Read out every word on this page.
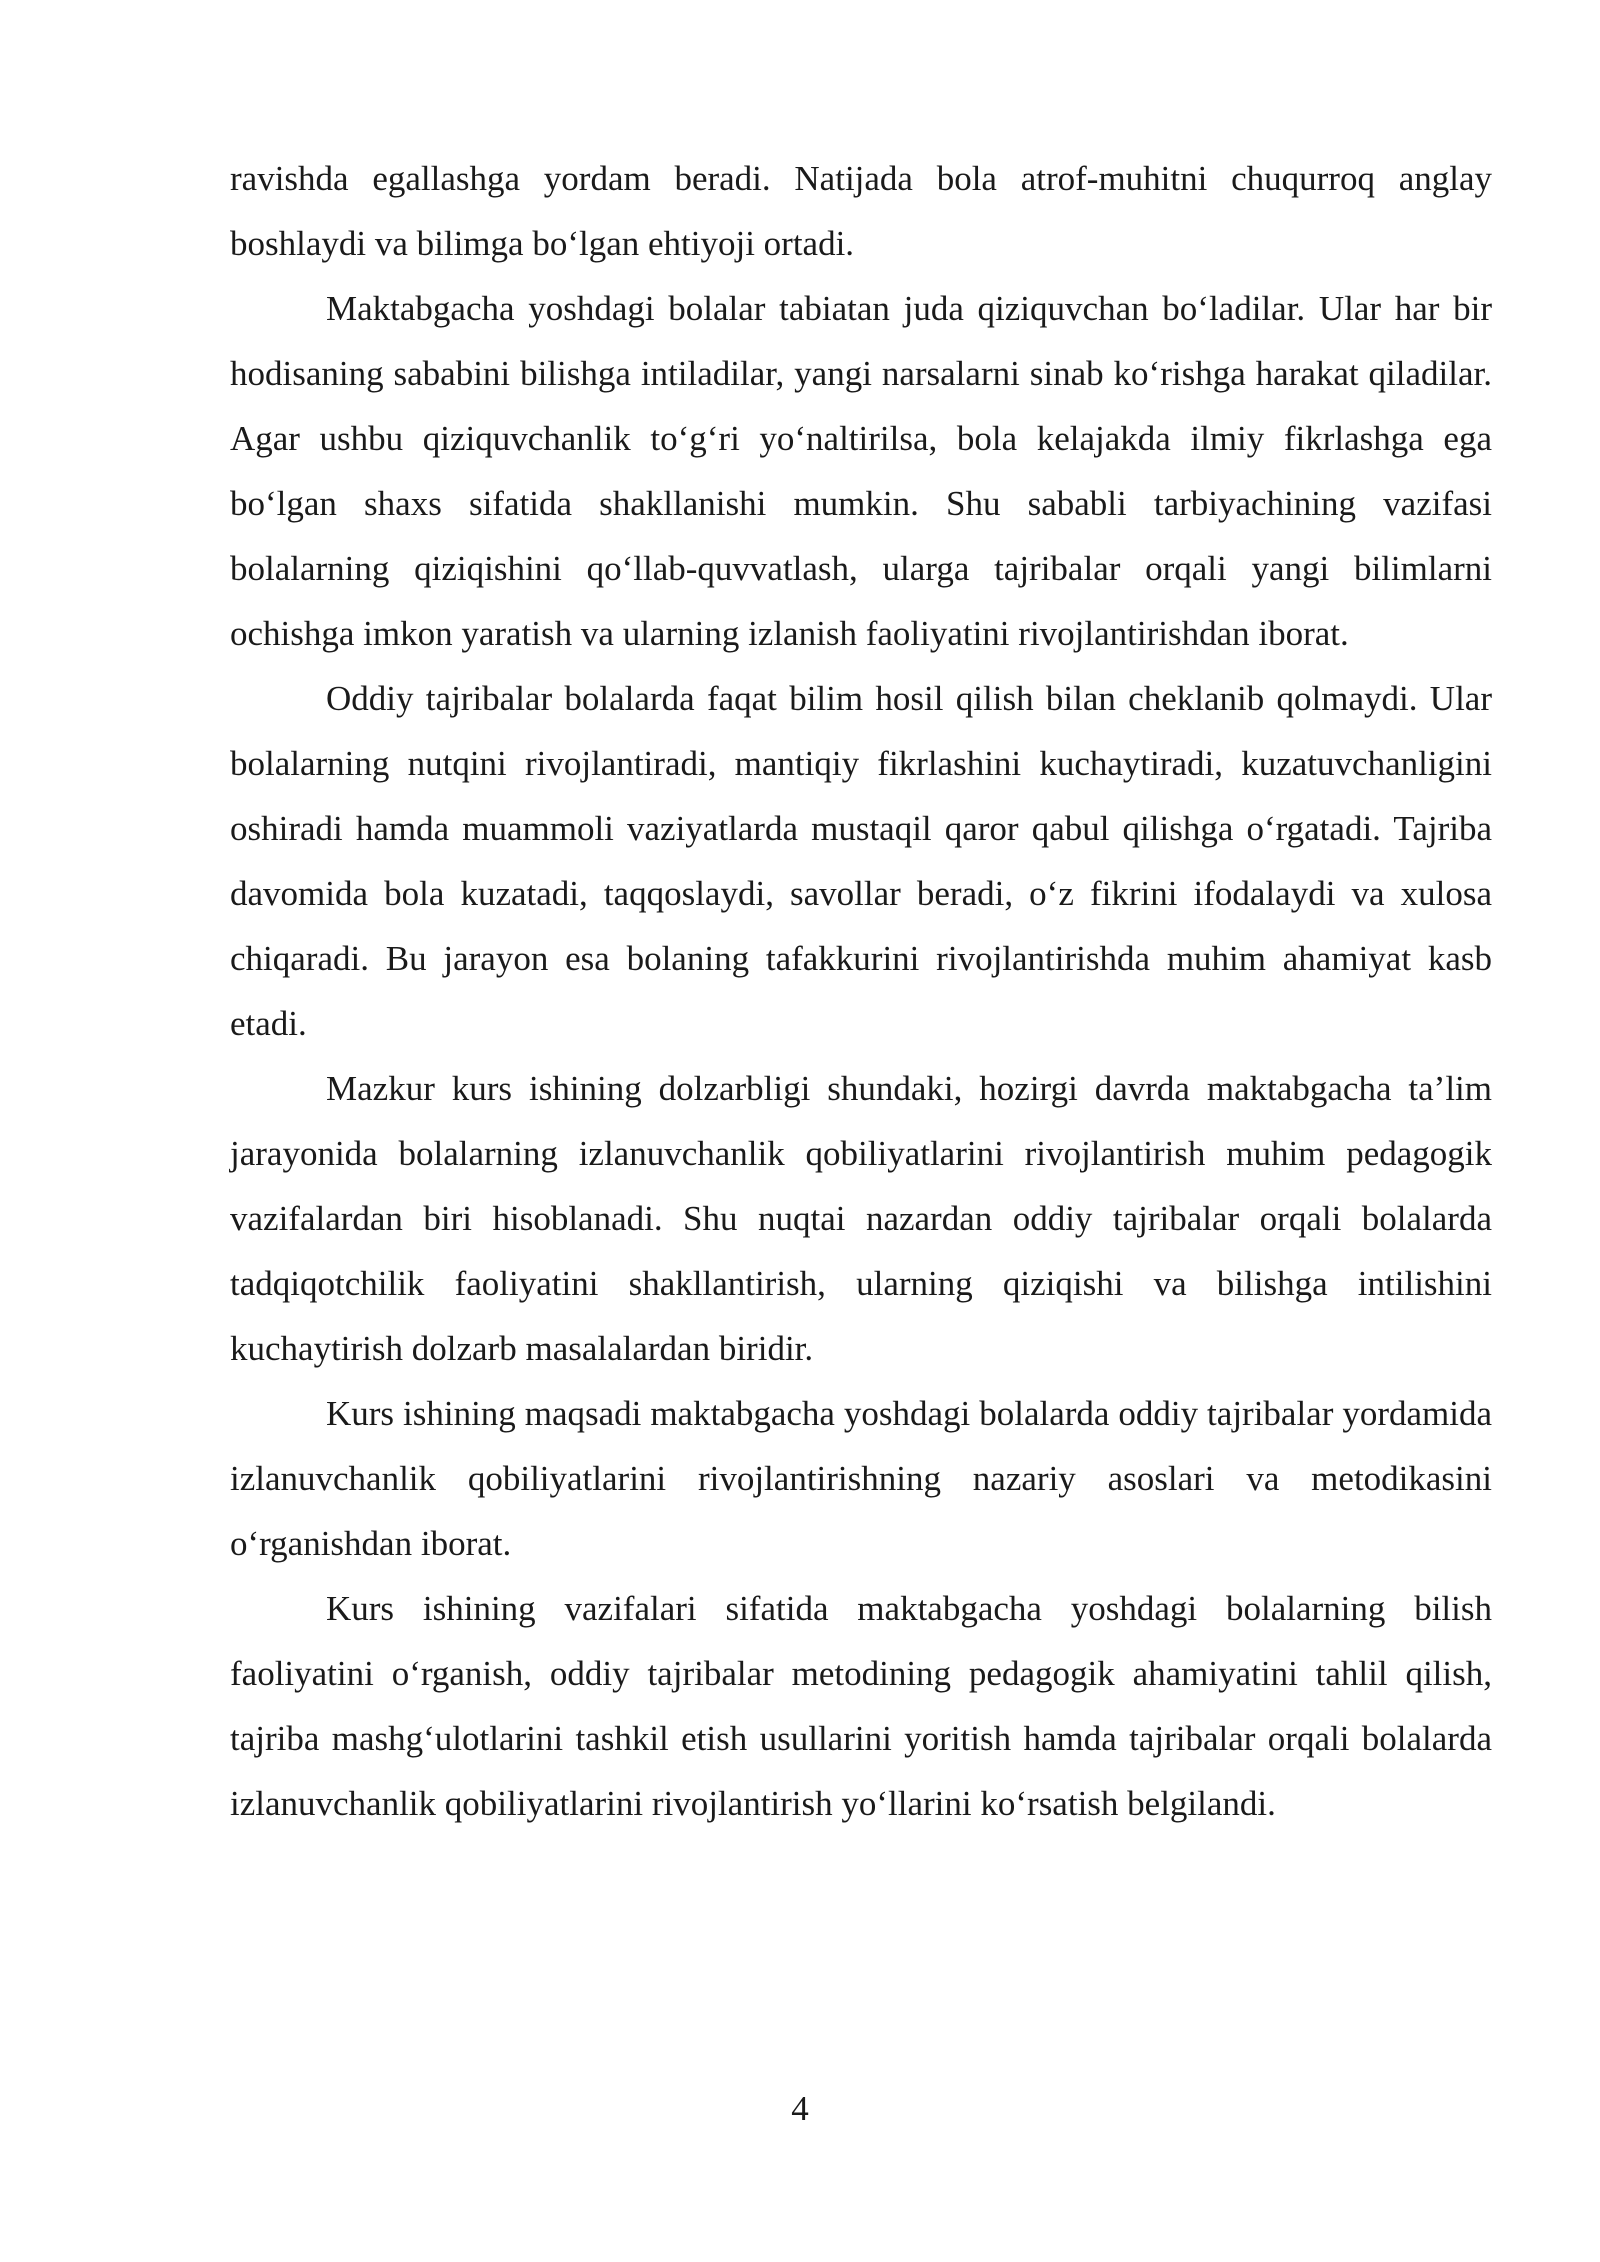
ravishda egallashga yordam beradi. Natijada bola atrof-muhitni chuqurroq anglay boshlaydi va bilimga bo‘lgan ehtiyoji ortadi.

Maktabgacha yoshdagi bolalar tabiatan juda qiziquvchan bo‘ladilar. Ular har bir hodisaning sababini bilishga intiladilar, yangi narsalarni sinab ko‘rishga harakat qiladilar. Agar ushbu qiziquvchanlik to‘g‘ri yo‘naltirilsa, bola kelajakda ilmiy fikrlashga ega bo‘lgan shaxs sifatida shakllanishi mumkin. Shu sababli tarbiyachining vazifasi bolalarning qiziqishini qo‘llab-quvvatlash, ularga tajribalar orqali yangi bilimlarni ochishga imkon yaratish va ularning izlanish faoliyatini rivojlantirishdan iborat.

Oddiy tajribalar bolalarda faqat bilim hosil qilish bilan cheklanib qolmaydi. Ular bolalarning nutqini rivojlantiradi, mantiqiy fikrlashini kuchaytiradi, kuzatuvchanligini oshiradi hamda muammoli vaziyatlarda mustaqil qaror qabul qilishga o‘rgatadi. Tajriba davomida bola kuzatadi, taqqoslaydi, savollar beradi, o‘z fikrini ifodalaydi va xulosa chiqaradi. Bu jarayon esa bolaning tafakkurini rivojlantirishda muhim ahamiyat kasb etadi.

Mazkur kurs ishining dolzarbligi shundaki, hozirgi davrda maktabgacha ta’lim jarayonida bolalarning izlanuvchanlik qobiliyatlarini rivojlantirish muhim pedagogik vazifalardan biri hisoblanadi. Shu nuqtai nazardan oddiy tajribalar orqali bolalarda tadqiqotchilik faoliyatini shakllantirish, ularning qiziqishi va bilishga intilishini kuchaytirish dolzarb masalalardan biridir.

Kurs ishining maqsadi maktabgacha yoshdagi bolalarda oddiy tajribalar yordamida izlanuvchanlik qobiliyatlarini rivojlantirishning nazariy asoslari va metodikasini o‘rganishdan iborat.

Kurs ishining vazifalari sifatida maktabgacha yoshdagi bolalarning bilish faoliyatini o‘rganish, oddiy tajribalar metodining pedagogik ahamiyatini tahlil qilish, tajriba mashg‘ulotlarini tashkil etish usullarini yoritish hamda tajribalar orqali bolalarda izlanuvchanlik qobiliyatlarini rivojlantirish yo‘llarini ko‘rsatish belgilandi.

4
